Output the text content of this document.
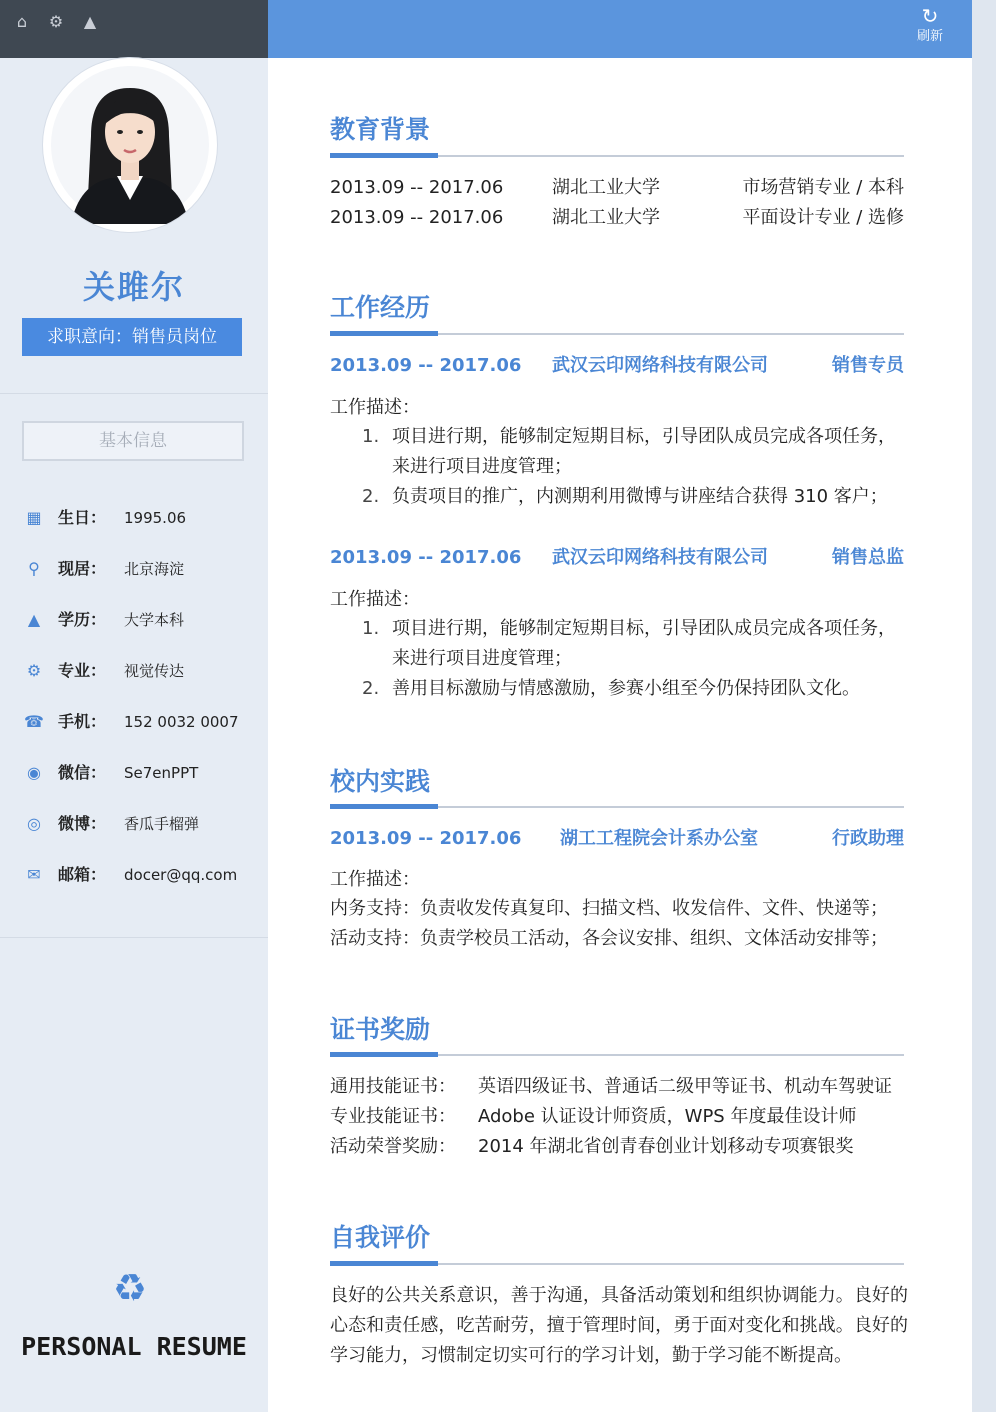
⌂	⚙ ▲	↻
刷新
关雎尔
求职意向：销售员岗位
基本信息
▦ 生日： 1995.06
⚲	现居： 北京海淀
▲	学历： 大学本科
⚙	专业： 视觉传达
☎ 手机： 152 0032 0007
◉	微信： Se7enPPT
◎	微博： 香瓜手榴弹
✉	邮箱： docer@qq.com
♻
PERSONAL RESUME
教育背景
2013.09 -- 2017.06	湖北工业大学	市场营销专业 / 本科
2013.09 -- 2017.06	湖北工业大学	平面设计专业 / 选修
工作经历
2013.09 -- 2017.06 武汉云印网络科技有限公司	销售专员
工作描述：
1. 项目进行期，能够制定短期目标，引导团队成员完成各项任务，来进行项目进度管理；
2. 负责项目的推广，内测期利用微博与讲座结合获得 310 客户；
2013.09 -- 2017.06 武汉云印网络科技有限公司	销售总监
工作描述：
1. 项目进行期，能够制定短期目标，引导团队成员完成各项任务，来进行项目进度管理；
2. 善用目标激励与情感激励，参赛小组至今仍保持团队文化。
校内实践
2013.09 -- 2017.06 湖工工程院会计系办公室	行政助理
工作描述：
内务支持：负责收发传真复印、扫描文档、收发信件、文件、快递等；
活动支持：负责学校员工活动，各会议安排、组织、文体活动安排等；
证书奖励
通用技能证书： 英语四级证书、普通话二级甲等证书、机动车驾驶证
专业技能证书： Adobe 认证设计师资质，WPS 年度最佳设计师
活动荣誉奖励： 2014 年湖北省创青春创业计划移动专项赛银奖
自我评价
良好的公共关系意识，善于沟通，具备活动策划和组织协调能力。良好的心态和责任感，吃苦耐劳，擅于管理时间，勇于面对变化和挑战。良好的学习能力，习惯制定切实可行的学习计划，勤于学习能不断提高。
